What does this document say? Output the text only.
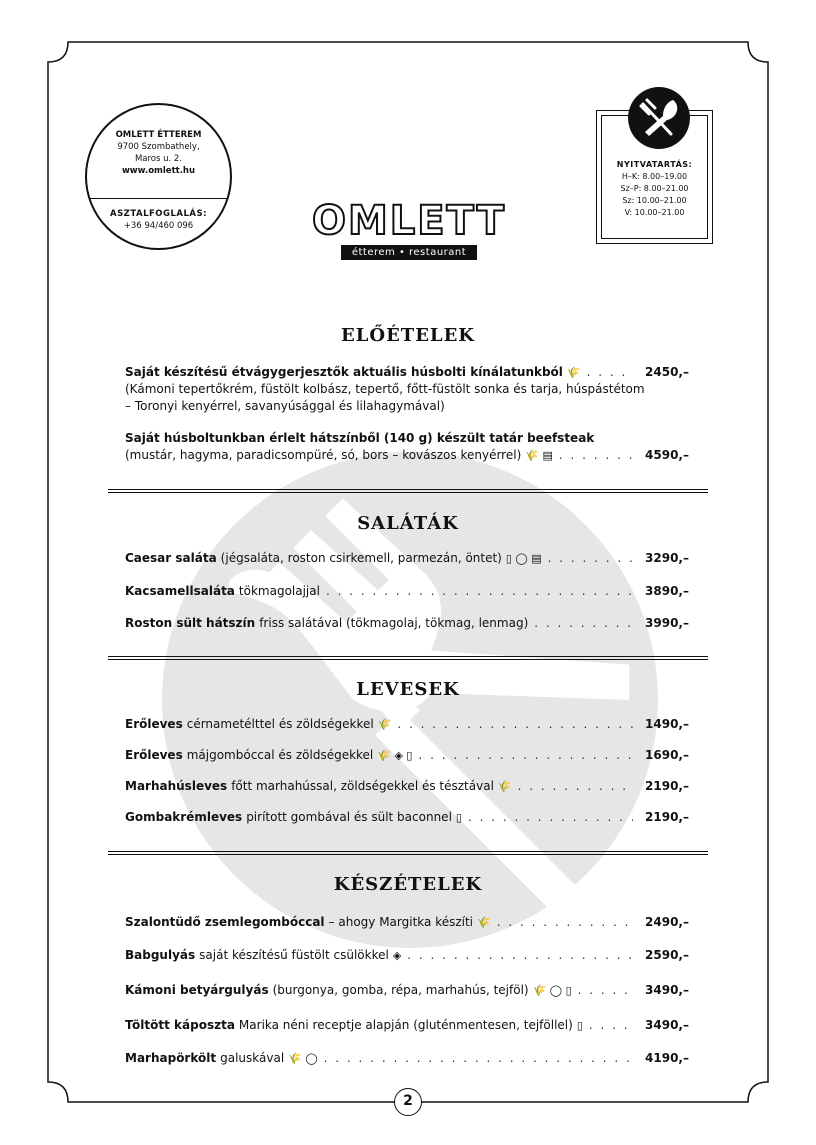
OMLETT ÉTTEREM
9700 Szombathely,
Maros u. 2.
www.omlett.hu
ASZTALFOGLALÁS:
+36 94/460 096	OMLETT
étterem • restaurant
NYITVATARTÁS:
H–K: 8.00–19.00
Sz–P: 8.00–21.00
Sz: 10.00–21.00
V: 10.00–21.00
ELŐÉTELEK
Saját készítésű étvágygerjesztők aktuális húsbolti kínálatunkból 🌾 . . .	2450,–
(Kámoni tepertőkrém, füstölt kolbász, tepertő, főtt-füstölt sonka és tarja, húspástétom
– Toronyi kenyérrel, savanyúsággal és lilahagymával)
Saját húsboltunkban érlelt hátszínből (140 g) készült tatár beefsteak
(mustár, hagyma, paradicsompüré, só, bors – kovászos kenyérrel) 🌾 ▤ . . .	4590,–
SALÁTÁK
Caesar saláta (jégsaláta, roston csirkemell, parmezán, öntet) ▯ ◯ ▤ . . .	3290,–
Kacsamellsaláta tökmagolajjal . . .	3890,–
Roston sült hátszín friss salátával (tökmagolaj, tökmag, lenmag) . . .	3990,–
LEVESEK
Erőleves cérnametélttel és zöldségekkel 🌾 . . .	1490,–
Erőleves májgombóccal és zöldségekkel 🌾 ◈ ▯ . . .	1690,–
Marhahúsleves főtt marhahússal, zöldségekkel és tésztával 🌾 . . .	2190,–
Gombakrémleves pirított gombával és sült baconnel ▯ . . .	2190,–
KÉSZÉTELEK
Szalontüdő zsemlegombóccal – ahogy Margitka készíti 🌾 . . .	2490,–
Babgulyás saját készítésű füstölt csülökkel ◈ . . .	2590,–
Kámoni betyárgulyás (burgonya, gomba, répa, marhahús, tejföl) 🌾 ◯ ▯ . . .	3490,–
Töltött káposzta Marika néni receptje alapján (gluténmentesen, tejföllel) ▯ . . .	3490,–
Marhapörkölt galuskával 🌾 ◯ . . .	4190,–
2
